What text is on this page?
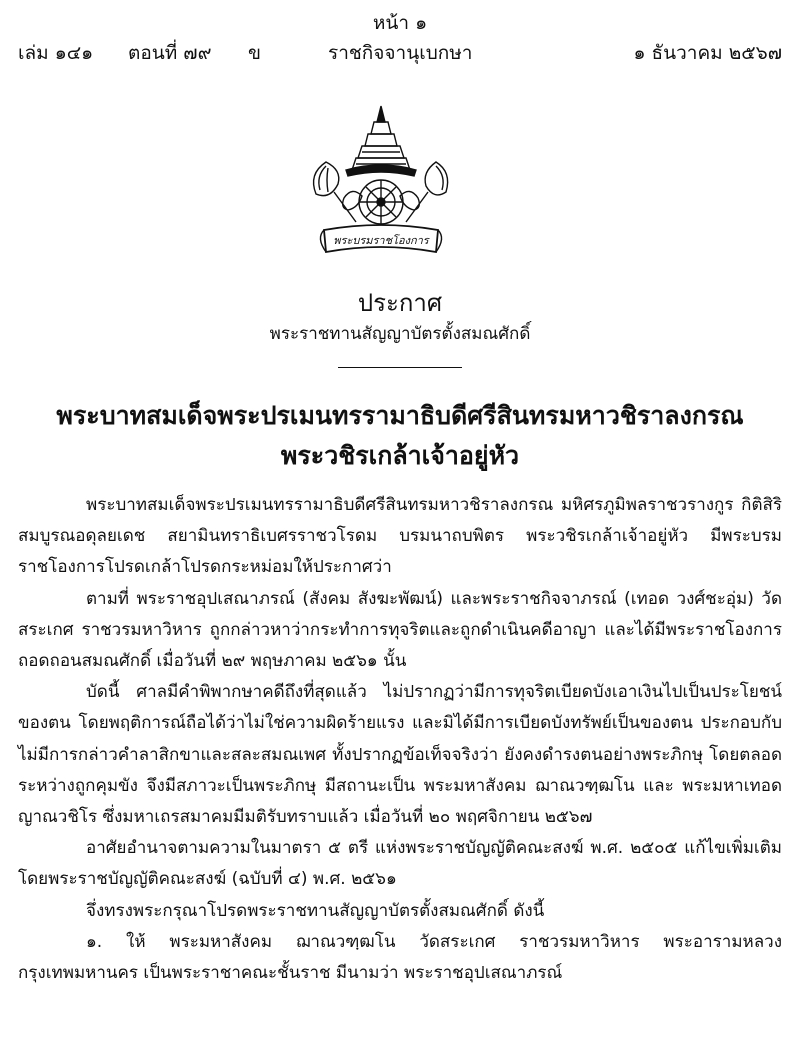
หน้า ๑
เล่ม ๑๔๑ ตอนที่ ๗๙ ข	ราชกิจจานุเบกษา	๑ ธันวาคม ๒๕๖๗
พระบรมราชโองการ
ประกาศ
พระราชทานสัญญาบัตรตั้งสมณศักดิ์
พระบาทสมเด็จพระปรเมนทรรามาธิบดีศรีสินทรมหาวชิราลงกรณ
พระวชิรเกล้าเจ้าอยู่หัว

พระบาทสมเด็จพระปรเมนทรรามาธิบดีศรีสินทรมหาวชิราลงกรณ มหิศรภูมิพลราชวรางกูร กิติสิริสมบูรณอดุลยเดช สยามินทราธิเบศรราชวโรดม บรมนาถบพิตร พระวชิรเกล้าเจ้าอยู่หัว มีพระบรมราชโองการโปรดเกล้าโปรดกระหม่อมให้ประกาศว่า

ตามที่ พระราชอุปเสณาภรณ์ (สังคม สังฆะพัฒน์) และพระราชกิจจาภรณ์ (เทอด วงศ์ชะอุ่ม) วัดสระเกศ ราชวรมหาวิหาร ถูกกล่าวหาว่ากระทำการทุจริตและถูกดำเนินคดีอาญา และได้มีพระราชโองการ ถอดถอนสมณศักดิ์ เมื่อวันที่ ๒๙ พฤษภาคม ๒๕๖๑ นั้น

บัดนี้ ศาลมีคำพิพากษาคดีถึงที่สุดแล้ว ไม่ปรากฏว่ามีการทุจริตเบียดบังเอาเงินไปเป็นประโยชน์ ของตน โดยพฤติการณ์ถือได้ว่าไม่ใช่ความผิดร้ายแรง และมิได้มีการเบียดบังทรัพย์เป็นของตน ประกอบกับไม่มีการกล่าวคำลาสิกขาและสละสมณเพศ ทั้งปรากฏข้อเท็จจริงว่า ยังคงดำรงตนอย่างพระภิกษุ โดยตลอดระหว่างถูกคุมขัง จึงมีสภาวะเป็นพระภิกษุ มีสถานะเป็น พระมหาสังคม ฌาณวฑฺฒโน และ พระมหาเทอด ญาณวชิโร ซึ่งมหาเถรสมาคมมีมติรับทราบแล้ว เมื่อวันที่ ๒๐ พฤศจิกายน ๒๕๖๗

อาศัยอำนาจตามความในมาตรา ๕ ตรี แห่งพระราชบัญญัติคณะสงฆ์ พ.ศ. ๒๕๐๕ แก้ไขเพิ่มเติมโดยพระราชบัญญัติคณะสงฆ์ (ฉบับที่ ๔) พ.ศ. ๒๕๖๑

จึ่งทรงพระกรุณาโปรดพระราชทานสัญญาบัตรตั้งสมณศักดิ์ ดังนี้

๑. ให้ พระมหาสังคม ฌาณวฑฺฒโน วัดสระเกศ ราชวรมหาวิหาร พระอารามหลวง กรุงเทพมหานคร เป็นพระราชาคณะชั้นราช มีนามว่า พระราชอุปเสณาภรณ์
